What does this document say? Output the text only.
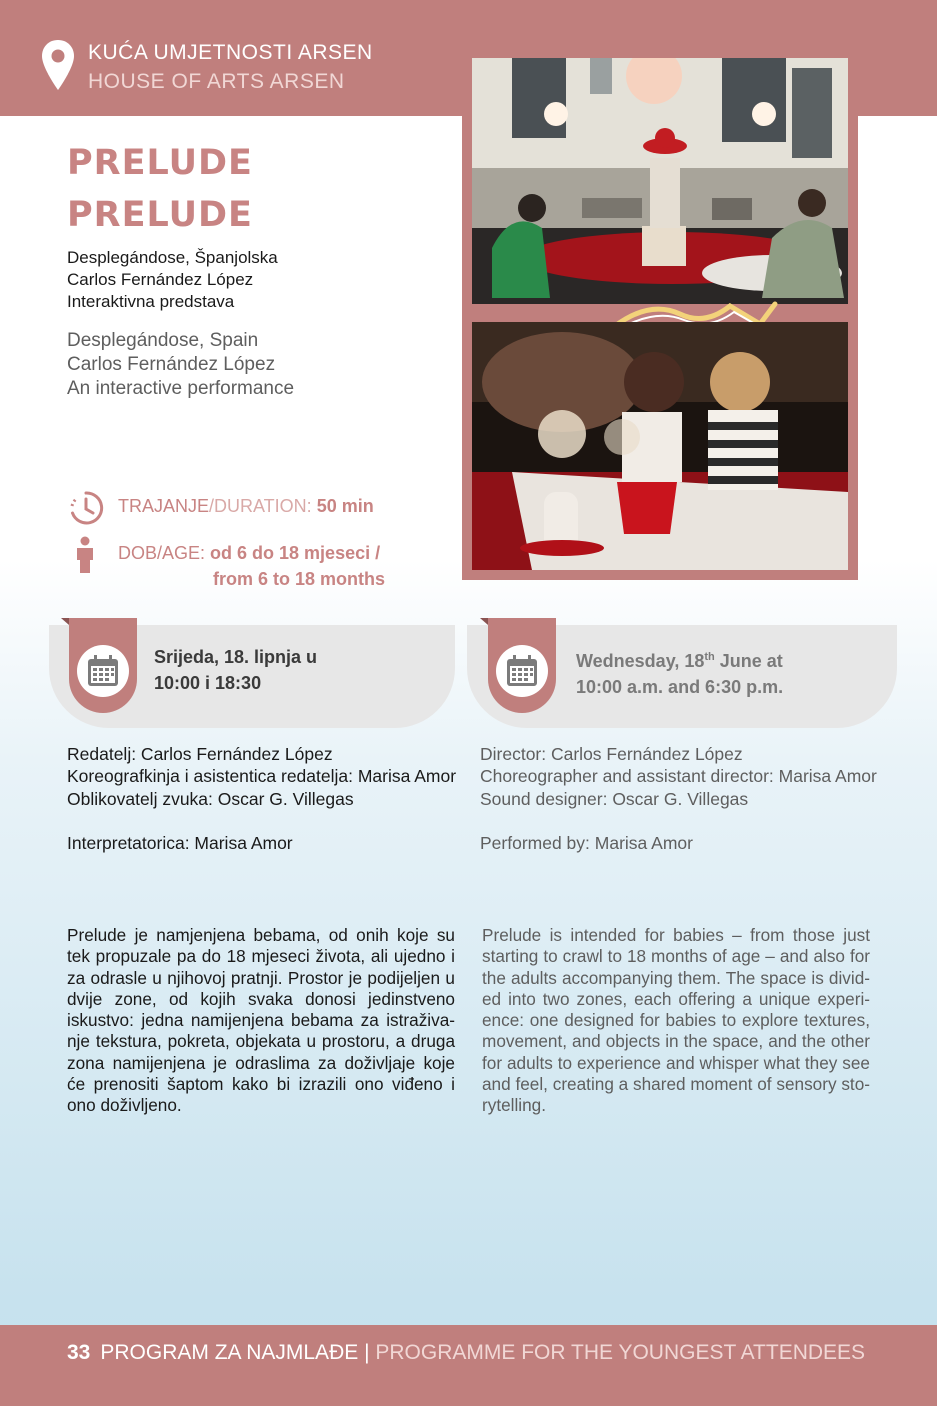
KUĆA UMJETNOSTI ARSEN
HOUSE OF ARTS ARSEN
PRELUDE
PRELUDE
Desplegándose, Španjolska
Carlos Fernández López
Interaktivna predstava
Desplegándose, Spain
Carlos Fernández López
An interactive performance
TRAJANJE/DURATION: 50 min
DOB/AGE: od 6 do 18 mjeseci /
from 6 to 18 months
Srijeda, 18. lipnja u
10:00 i 18:30
Wednesday, 18th June at
10:00 a.m. and 6:30 p.m.
Redatelj: Carlos Fernández López
Koreografkinja i asistentica redatelja: Marisa Amor
Oblikovatelj zvuka: Oscar G. Villegas
Interpretatorica: Marisa Amor
Director: Carlos Fernández López
Choreographer and assistant director: Marisa Amor
Sound designer: Oscar G. Villegas
Performed by: Marisa Amor
Prelude je namjenjena bebama, od onih koje su tek propuzale pa do 18 mjeseci života, ali ujedno i za odrasle u njihovoj pratnji. Prostor je podijeljen u dvije zone, od kojih svaka donosi jedinstveno iskustvo: jedna namijenjena bebama za istraživa-nje tekstura, pokreta, objekata u prostoru, a druga zona namijenjena je odraslima za doživljaje koje će prenositi šaptom kako bi izrazili ono viđeno i ono doživljeno.
Prelude is intended for babies – from those just starting to crawl to 18 months of age – and also for the adults accompanying them. The space is divid-ed into two zones, each offering a unique experi-ence: one designed for babies to explore textures, movement, and objects in the space, and the other for adults to experience and whisper what they see and feel, creating a shared moment of sensory sto-rytelling.
33 PROGRAM ZA NAJMLAĐE | PROGRAMME FOR THE YOUNGEST ATTENDEES
